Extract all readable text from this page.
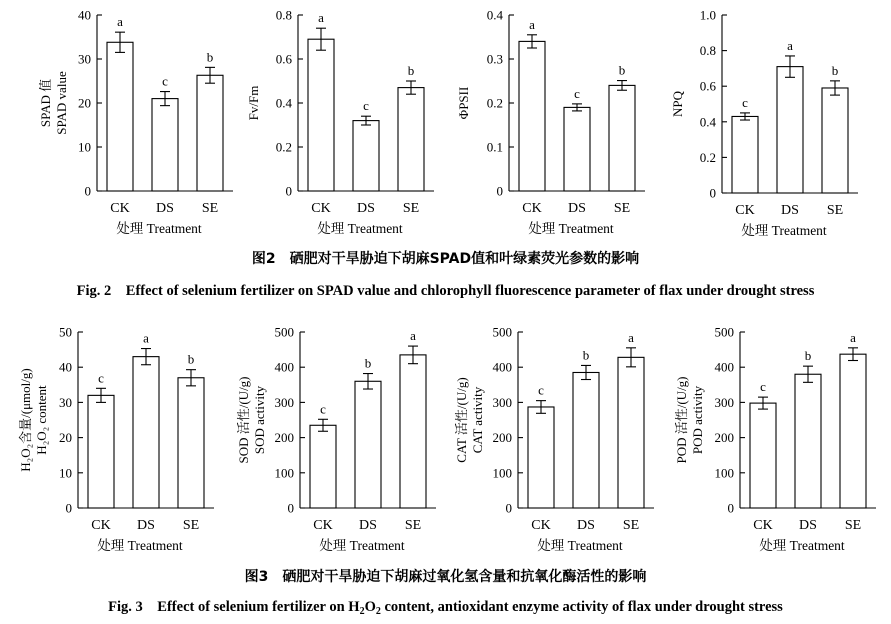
0
10
20
30
40 a
CK
c
DS
b
SE
处理 Treatment
SPAD 值 SPAD value
0
0.2
0.4
0.6
0.8 a
CK
c
DS
b
SE
处理 Treatment
Fv/Fm
0
0.1
0.2
0.3
0.4
a
CK
c
DS
b
SE
处理 Treatment
ΦPSII
0
0.2
0.4
0.6
0.8
1.0
c
CK
a
DS
b
SE
处理 Treatment
NPQ
0
10
20
30
40
50
c
CK
a
DS
b
SE
处理 Treatment
H₂O₂含量/(μmol/g) H₂O₂ content
0
100
200
300
400
500
c
CK
b
DS
a
SE
处理 Treatment
SOD 活性/(U/g) SOD activity
0
100
200
300
400
500
c
CK
b
DS
a
SE
处理 Treatment
CAT 活性/(U/g) CAT activity
0
100
200
300
400
500
c
CK
b
DS
a
SE
处理 Treatment
POD 活性/(U/g) POD activity
图2　硒肥对干旱胁迫下胡麻SPAD值和叶绿素荧光参数的影响
Fig. 2　Effect of selenium fertilizer on SPAD value and chlorophyll fluorescence parameter of flax under drought stress
图3　硒肥对干旱胁迫下胡麻过氧化氢含量和抗氧化酶活性的影响
Fig. 3　Effect of selenium fertilizer on $H_2O_2$ content, antioxidant enzyme activity of flax under drought stress
